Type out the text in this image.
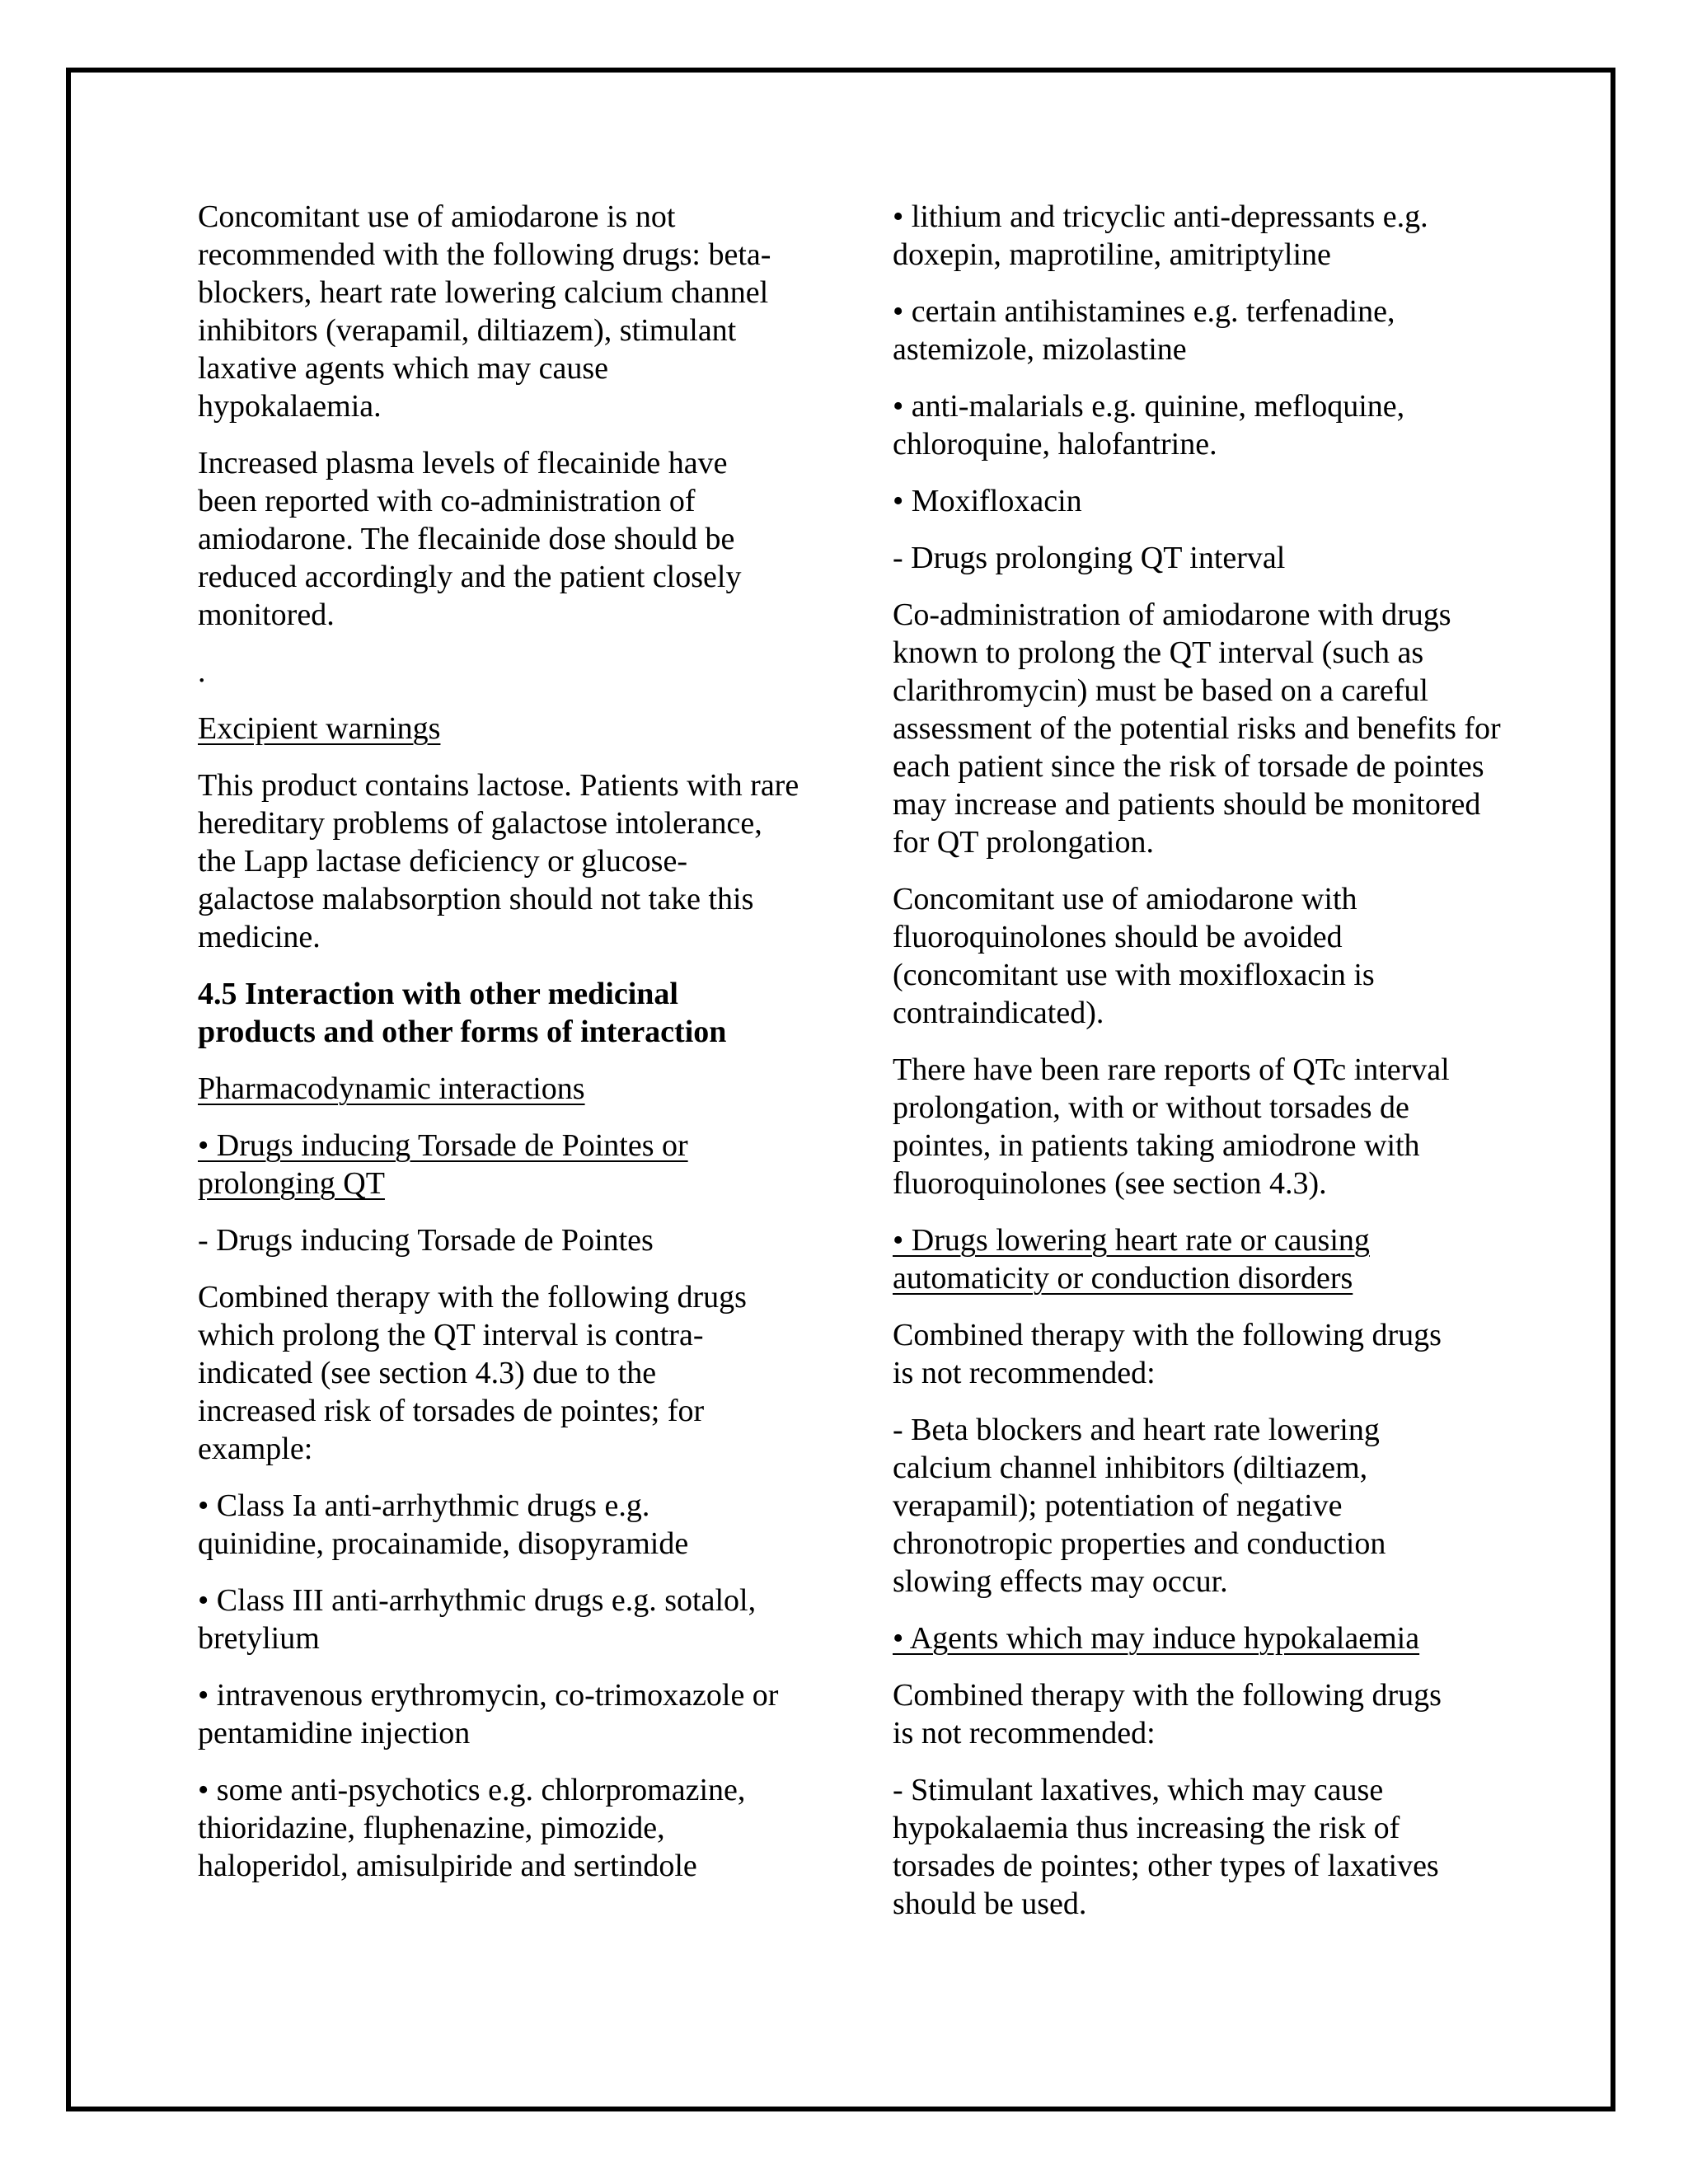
Concomitant use of amiodarone is not recommended with the following drugs: beta-blockers, heart rate lowering calcium channel inhibitors (verapamil, diltiazem), stimulant laxative agents which may cause hypokalaemia.

Increased plasma levels of flecainide have been reported with co-administration of amiodarone. The flecainide dose should be reduced accordingly and the patient closely monitored.

.

Excipient warnings

This product contains lactose. Patients with rare hereditary problems of galactose intolerance, the Lapp lactase deficiency or glucose-galactose malabsorption should not take this medicine.

4.5 Interaction with other medicinal products and other forms of interaction

Pharmacodynamic interactions

• Drugs inducing Torsade de Pointes or prolonging QT

- Drugs inducing Torsade de Pointes

Combined therapy with the following drugs which prolong the QT interval is contra-indicated (see section 4.3) due to the increased risk of torsades de pointes; for example:

• Class Ia anti-arrhythmic drugs e.g. quinidine, procainamide, disopyramide

• Class III anti-arrhythmic drugs e.g. sotalol, bretylium

• intravenous erythromycin, co-trimoxazole or pentamidine injection

• some anti-psychotics e.g. chlorpromazine, thioridazine, fluphenazine, pimozide, haloperidol, amisulpiride and sertindole

• lithium and tricyclic anti-depressants e.g. doxepin, maprotiline, amitriptyline

• certain antihistamines e.g. terfenadine, astemizole, mizolastine

• anti-malarials e.g. quinine, mefloquine, chloroquine, halofantrine.

• Moxifloxacin

- Drugs prolonging QT interval

Co-administration of amiodarone with drugs known to prolong the QT interval (such as clarithromycin) must be based on a careful assessment of the potential risks and benefits for each patient since the risk of torsade de pointes may increase and patients should be monitored for QT prolongation.

Concomitant use of amiodarone with fluoroquinolones should be avoided (concomitant use with moxifloxacin is contraindicated).

There have been rare reports of QTc interval prolongation, with or without torsades de pointes, in patients taking amiodrone with fluoroquinolones (see section 4.3).

• Drugs lowering heart rate or causing automaticity or conduction disorders

Combined therapy with the following drugs is not recommended:

- Beta blockers and heart rate lowering calcium channel inhibitors (diltiazem, verapamil); potentiation of negative chronotropic properties and conduction slowing effects may occur.

• Agents which may induce hypokalaemia

Combined therapy with the following drugs is not recommended:

- Stimulant laxatives, which may cause hypokalaemia thus increasing the risk of torsades de pointes; other types of laxatives should be used.
